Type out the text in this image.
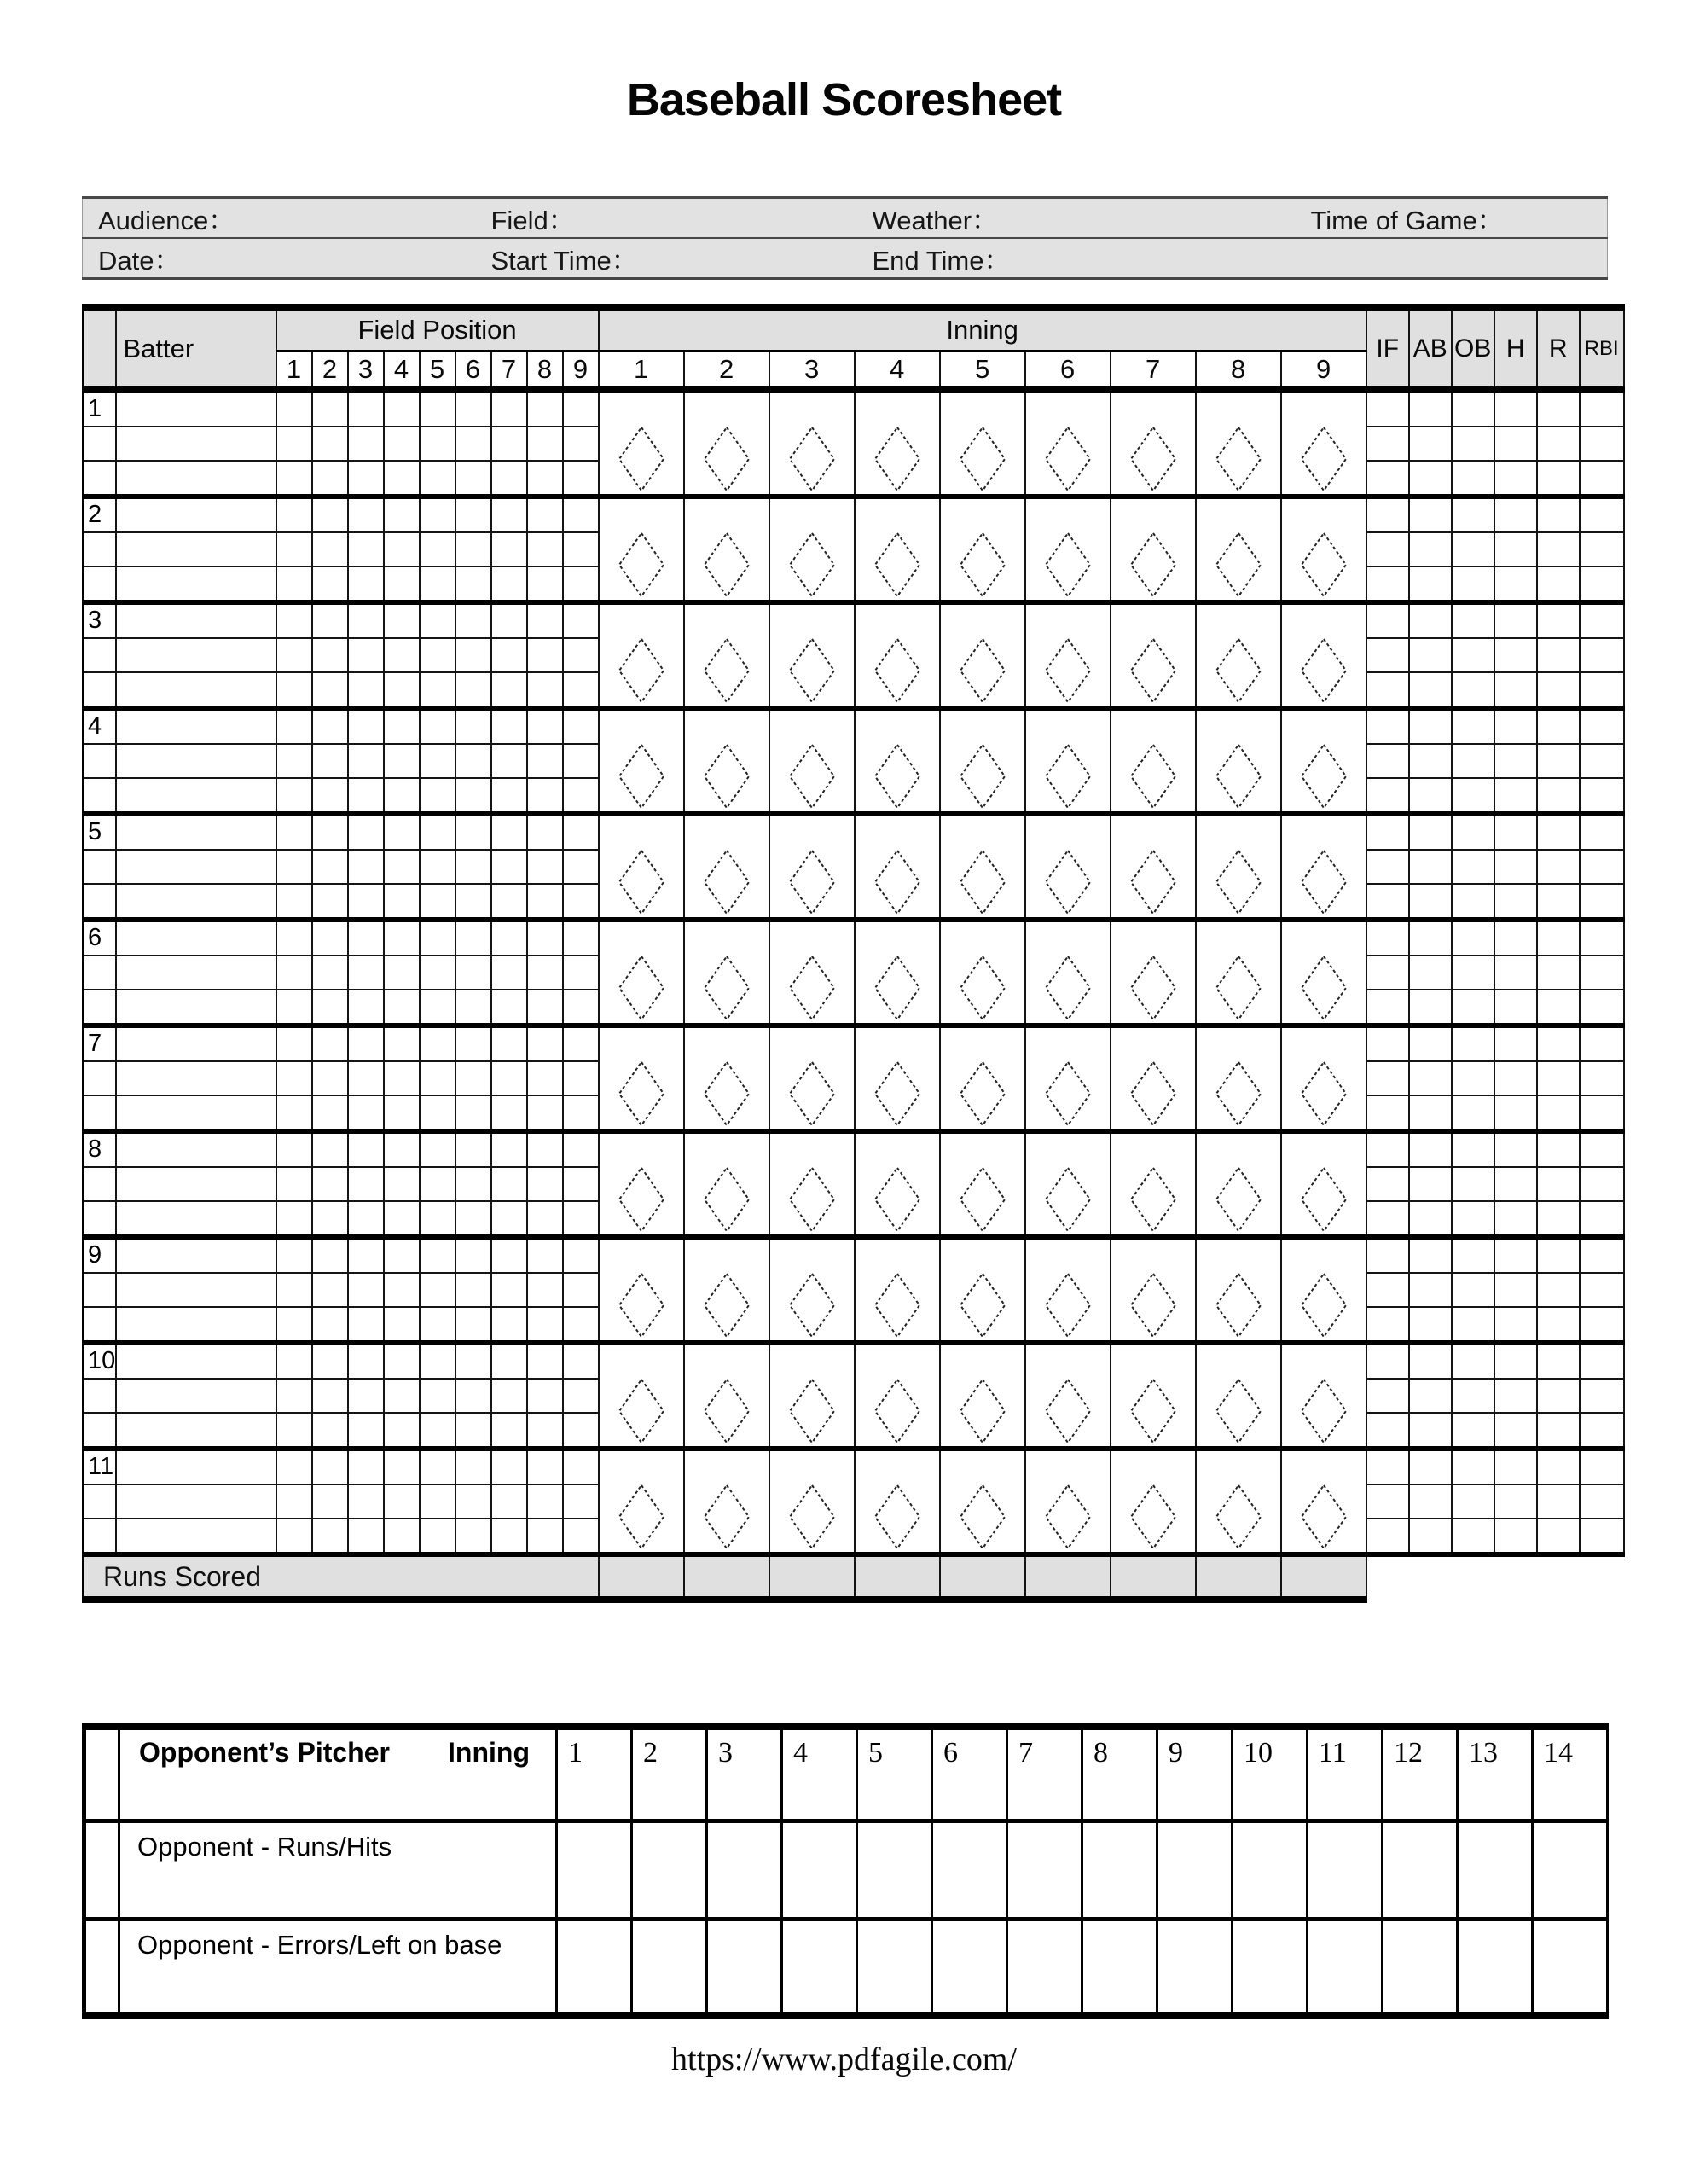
Baseball Scoresheet
Audience：	Field：	Weather：	Time of Game：
Date：	Start Time：	End Time：	
	Batter	Field Position									Inning									IF	AB	OB	H	R	RBI
		1	2	3	4	5	6	7	8	9	1	2	3	4	5	6	7	8	9						
1											

2											

3											

4											

5											

6											

7											

8											

9											

10											

11											

Runs Scored																									

	Opponent’s Pitcher Inning	1	2	3	4	5	6	7	8	9	10	11	12	13	14
	Opponent - Runs/Hits														
	Opponent - Errors/Left on base														
https://www.pdfagile.com/
